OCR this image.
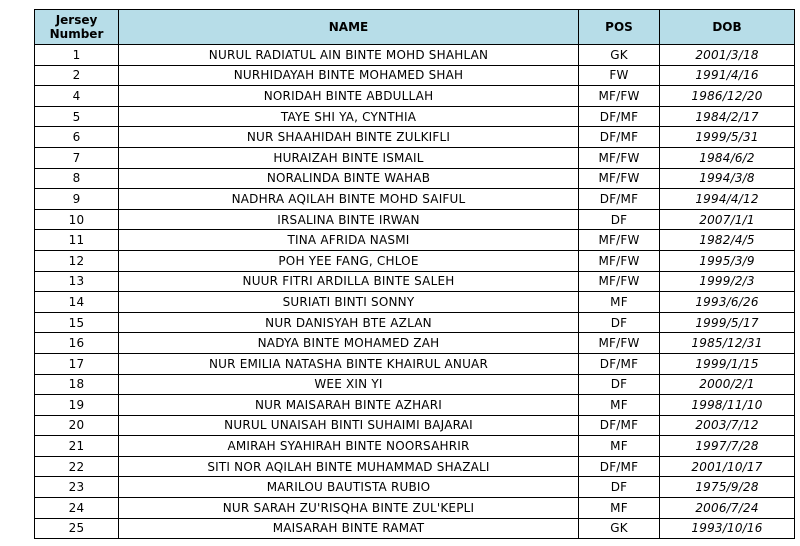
Jersey Number	NAME	POS	DOB
1	NURUL RADIATUL AIN BINTE MOHD SHAHLAN	GK	2001/3/18
2	NURHIDAYAH BINTE MOHAMED SHAH	FW	1991/4/16
4	NORIDAH BINTE ABDULLAH	MF/FW	1986/12/20
5	TAYE SHI YA, CYNTHIA	DF/MF	1984/2/17
6	NUR SHAAHIDAH BINTE ZULKIFLI	DF/MF	1999/5/31
7	HURAIZAH BINTE ISMAIL	MF/FW	1984/6/2
8	NORALINDA BINTE WAHAB	MF/FW	1994/3/8
9	NADHRA AQILAH BINTE MOHD SAIFUL	DF/MF	1994/4/12
10	IRSALINA BINTE IRWAN	DF	2007/1/1
11	TINA AFRIDA NASMI	MF/FW	1982/4/5
12	POH YEE FANG, CHLOE	MF/FW	1995/3/9
13	NUUR FITRI ARDILLA BINTE SALEH	MF/FW	1999/2/3
14	SURIATI BINTI SONNY	MF	1993/6/26
15	NUR DANISYAH BTE AZLAN	DF	1999/5/17
16	NADYA BINTE MOHAMED ZAH	MF/FW	1985/12/31
17	NUR EMILIA NATASHA BINTE KHAIRUL ANUAR	DF/MF	1999/1/15
18	WEE XIN YI	DF	2000/2/1
19	NUR MAISARAH BINTE AZHARI	MF	1998/11/10
20	NURUL UNAISAH BINTI SUHAIMI BAJARAI	DF/MF	2003/7/12
21	AMIRAH SYAHIRAH BINTE NOORSAHRIR	MF	1997/7/28
22	SITI NOR AQILAH BINTE MUHAMMAD SHAZALI	DF/MF	2001/10/17
23	MARILOU BAUTISTA RUBIO	DF	1975/9/28
24	NUR SARAH ZU'RISQHA BINTE ZUL'KEPLI	MF	2006/7/24
25	MAISARAH BINTE RAMAT	GK	1993/10/16
